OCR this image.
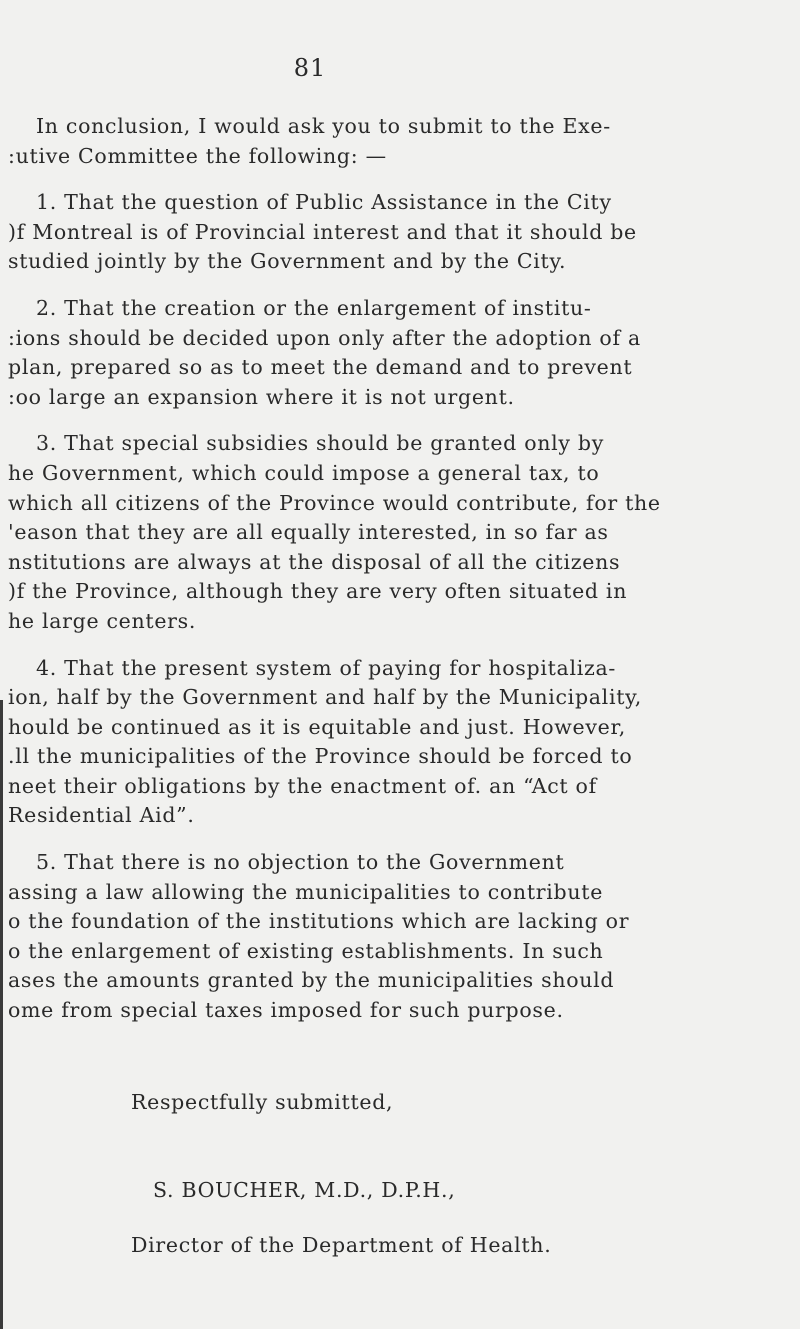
81
In conclusion, I would ask you to submit to the Exe-
:utive Committee the following: —
1. That the question of Public Assistance in the City
)f Montreal is of Provincial interest and that it should be
studied jointly by the Government and by the City.
2. That the creation or the enlargement of institu-
:ions should be decided upon only after the adoption of a
plan, prepared so as to meet the demand and to prevent
:oo large an expansion where it is not urgent.
3. That special subsidies should be granted only by
he Government, which could impose a general tax, to
which all citizens of the Province would contribute, for the
'eason that they are all equally interested, in so far as
nstitutions are always at the disposal of all the citizens
)f the Province, although they are very often situated in
he large centers.
4. That the present system of paying for hospitaliza-
ion, half by the Government and half by the Municipality,
hould be continued as it is equitable and just. However,
.ll the municipalities of the Province should be forced to
neet their obligations by the enactment of. an “Act of
Residential Aid”.
5. That there is no objection to the Government
assing a law allowing the municipalities to contribute
o the foundation of the institutions which are lacking or
o the enlargement of existing establishments. In such
ases the amounts granted by the municipalities should
ome from special taxes imposed for such purpose.
Respectfully submitted,
S. BOUCHER, M.D., D.P.H.,
Director of the Department of Health.
